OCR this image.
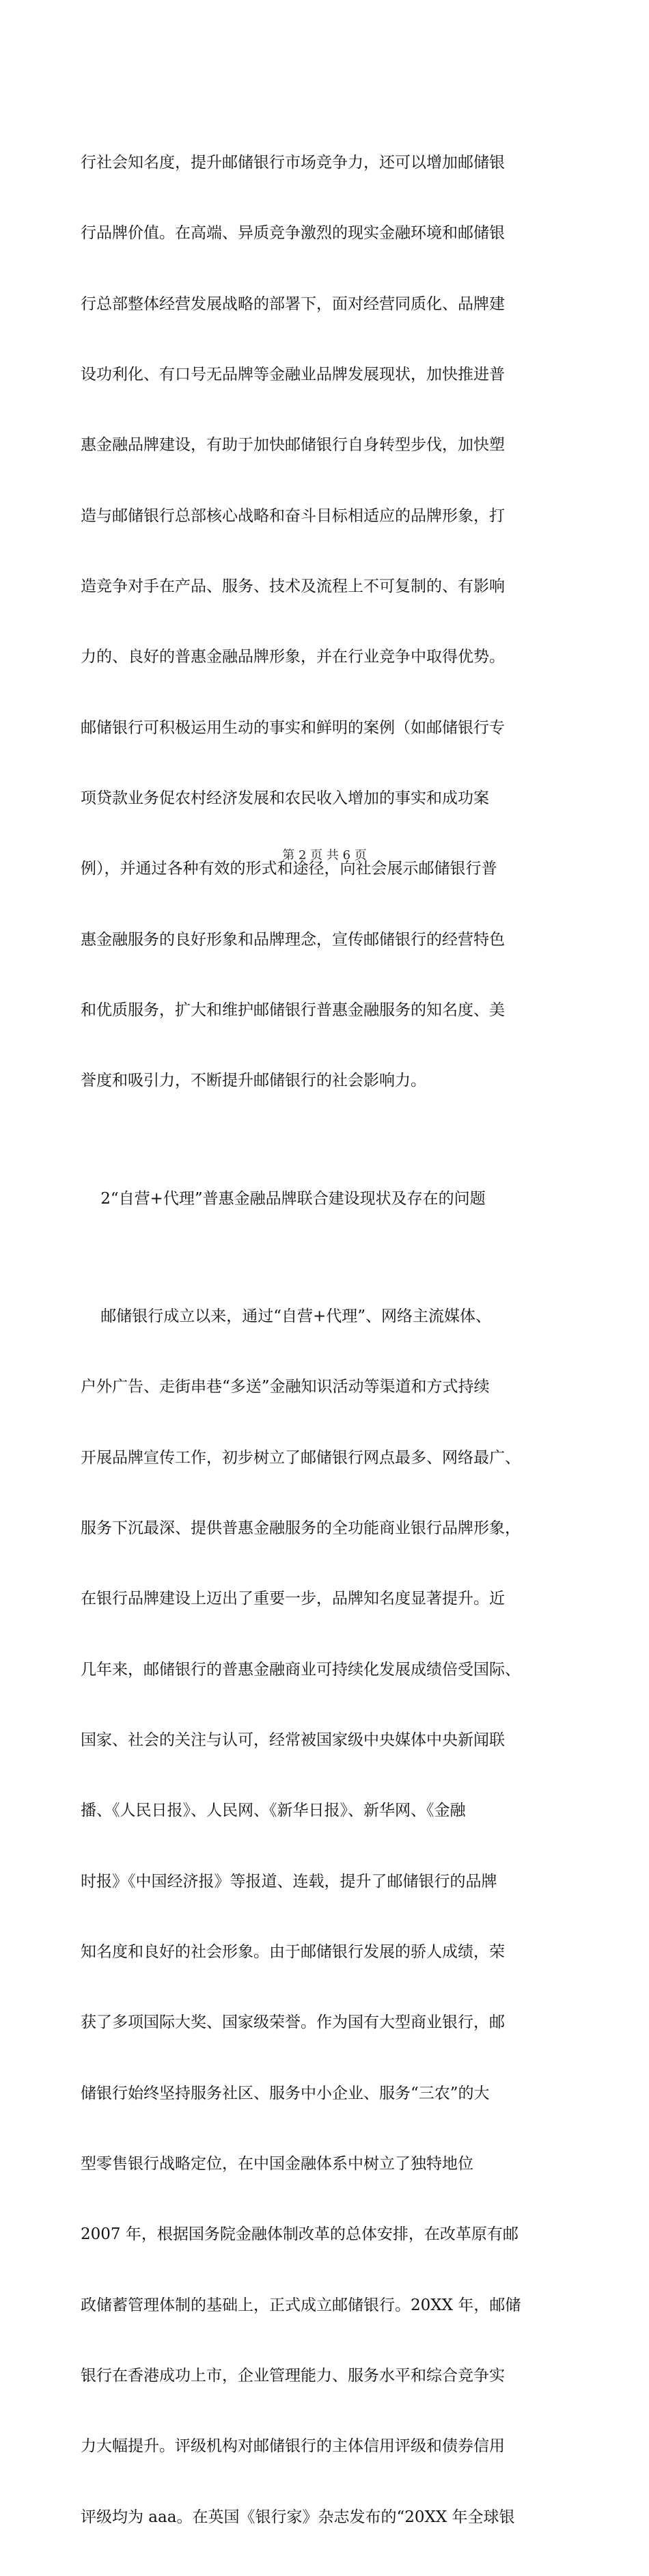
行社会知名度，提升邮储银行市场竞争力，还可以增加邮储银

行品牌价值。在高端、异质竞争激烈的现实金融环境和邮储银

行总部整体经营发展战略的部署下，面对经营同质化、品牌建

设功利化、有口号无品牌等金融业品牌发展现状，加快推进普

惠金融品牌建设，有助于加快邮储银行自身转型步伐，加快塑

造与邮储银行总部核心战略和奋斗目标相适应的品牌形象，打

造竞争对手在产品、服务、技术及流程上不可复制的、有影响

力的、良好的普惠金融品牌形象，并在行业竞争中取得优势。

邮储银行可积极运用生动的事实和鲜明的案例（如邮储银行专

项贷款业务促农村经济发展和农民收入增加的事实和成功案

例），并通过各种有效的形式和途径，向社会展示邮储银行普

惠金融服务的良好形象和品牌理念，宣传邮储银行的经营特色

和优质服务，扩大和维护邮储银行普惠金融服务的知名度、美

誉度和吸引力，不断提升邮储银行的社会影响力。

2“自营+代理”普惠金融品牌联合建设现状及存在的问题

邮储银行成立以来，通过“自营+代理”、网络主流媒体、

户外广告、走街串巷“多送”金融知识活动等渠道和方式持续

开展品牌宣传工作，初步树立了邮储银行网点最多、网络最广、

服务下沉最深、提供普惠金融服务的全功能商业银行品牌形象，

在银行品牌建设上迈出了重要一步，品牌知名度显著提升。近

几年来，邮储银行的普惠金融商业可持续化发展成绩倍受国际、

国家、社会的关注与认可，经常被国家级中央媒体中央新闻联

播、《人民日报》、人民网、《新华日报》、新华网、《金融

时报》《中国经济报》等报道、连载，提升了邮储银行的品牌

知名度和良好的社会形象。由于邮储银行发展的骄人成绩，荣

获了多项国际大奖、国家级荣誉。作为国有大型商业银行，邮

储银行始终坚持服务社区、服务中小企业、服务“三农”的大

型零售银行战略定位，在中国金融体系中树立了独特地位

2007 年，根据国务院金融体制改革的总体安排，在改革原有邮

政储蓄管理体制的基础上，正式成立邮储银行。20XX 年，邮储

银行在香港成功上市，企业管理能力、服务水平和综合竞争实

力大幅提升。评级机构对邮储银行的主体信用评级和债券信用

评级均为 aaa。在英国《银行家》杂志发布的“20XX 年全球银

第 2 页 共 6 页
